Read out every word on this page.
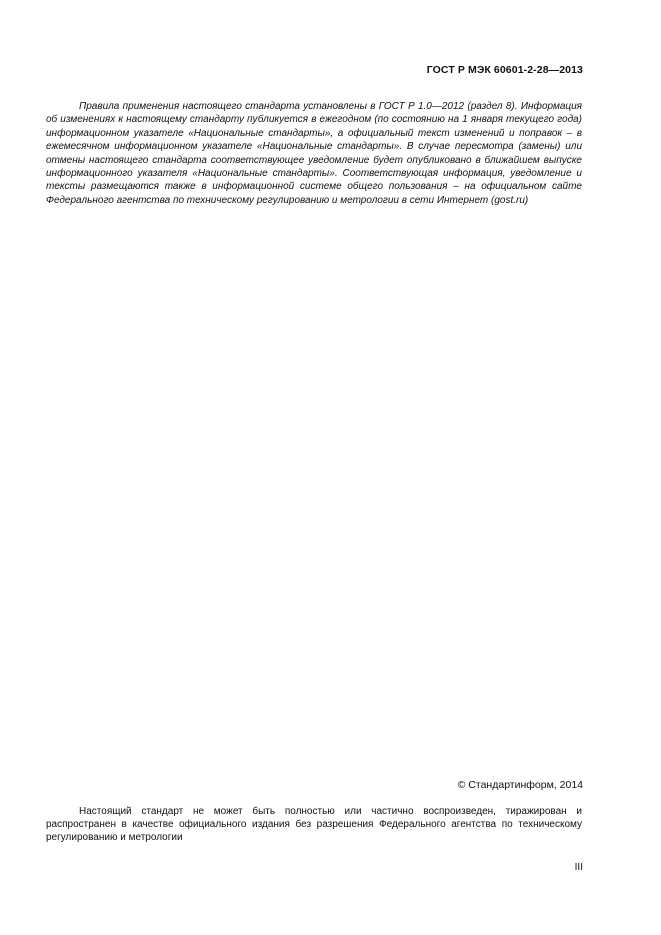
ГОСТ Р МЭК 60601-2-28—2013

Правила применения настоящего стандарта установлены в ГОСТ Р 1.0—2012 (раздел 8). Информация об изменениях к настоящему стандарту публикуется в ежегодном (по состоянию на 1 января текущего года) информационном указателе «Национальные стандарты», а официальный текст изменений и поправок – в ежемесячном информационном указателе «Национальные стандарты». В случае пересмотра (замены) или отмены настоящего стандарта соответствующее уведомление будет опубликовано в ближайшем выпуске информационного указателя «Национальные стандарты». Соответствующая информация, уведомление и тексты размещаются также в информационной системе общего пользования – на официальном сайте Федерального агентства по техническому регулированию и метрологии в сети Интернет (gost.ru)

© Стандартинформ, 2014

Настоящий стандарт не может быть полностью или частично воспроизведен, тиражирован и распространен в качестве официального издания без разрешения Федерального агентства по техническому регулированию и метрологии

III
